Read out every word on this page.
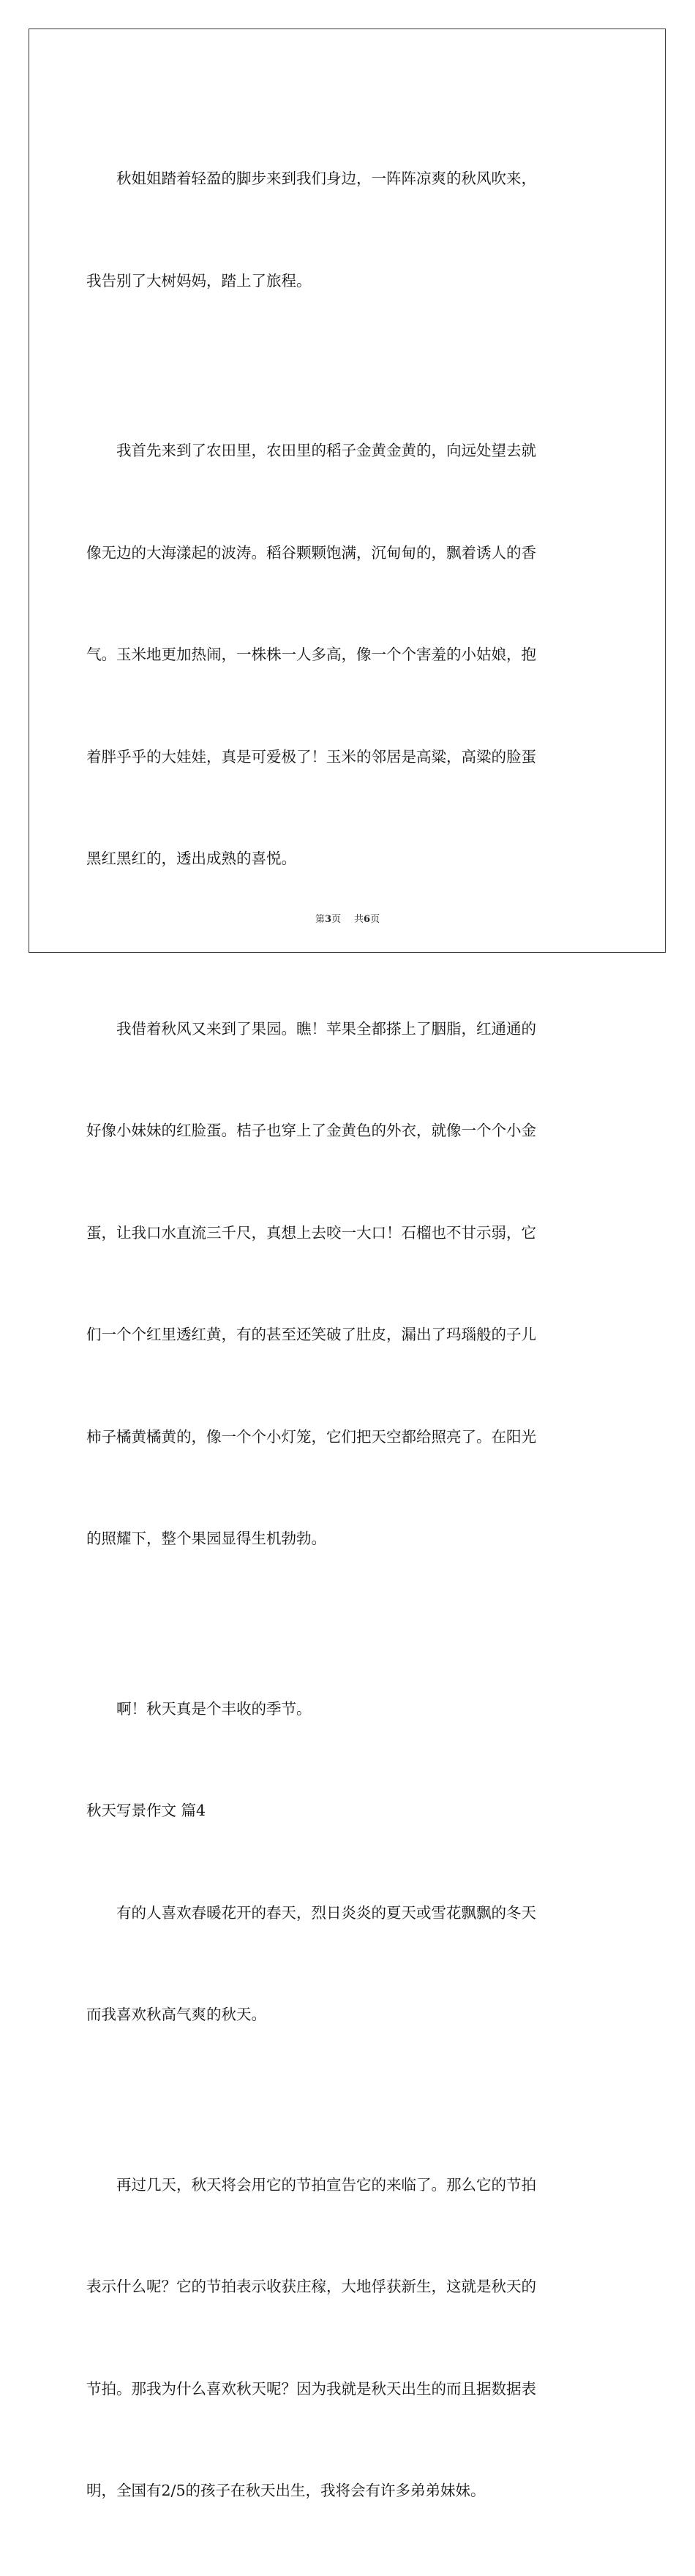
秋姐姐踏着轻盈的脚步来到我们身边，一阵阵凉爽的秋风吹来，

我告别了大树妈妈，踏上了旅程。

我首先来到了农田里，农田里的稻子金黄金黄的，向远处望去就

像无边的大海漾起的波涛。稻谷颗颗饱满，沉甸甸的，飘着诱人的香

气。玉米地更加热闹，一株株一人多高，像一个个害羞的小姑娘，抱

着胖乎乎的大娃娃，真是可爱极了！玉米的邻居是高粱，高粱的脸蛋

黑红黑红的，透出成熟的喜悦。

我借着秋风又来到了果园。瞧！苹果全都搽上了胭脂，红通通的

好像小妹妹的红脸蛋。桔子也穿上了金黄色的外衣，就像一个个小金

蛋，让我口水直流三千尺，真想上去咬一大口！石榴也不甘示弱，它

们一个个红里透红黄，有的甚至还笑破了肚皮，漏出了玛瑙般的子儿

柿子橘黄橘黄的，像一个个小灯笼，它们把天空都给照亮了。在阳光

的照耀下，整个果园显得生机勃勃。

啊！秋天真是个丰收的季节。

秋天写景作文 篇4

有的人喜欢春暖花开的春天，烈日炎炎的夏天或雪花飘飘的冬天

而我喜欢秋高气爽的秋天。

再过几天，秋天将会用它的节拍宣告它的来临了。那么它的节拍

表示什么呢？它的节拍表示收获庄稼，大地俘获新生，这就是秋天的

节拍。那我为什么喜欢秋天呢？因为我就是秋天出生的而且据数据表

明，全国有2/5的孩子在秋天出生，我将会有许多弟弟妹妹。

第3页 共6页
